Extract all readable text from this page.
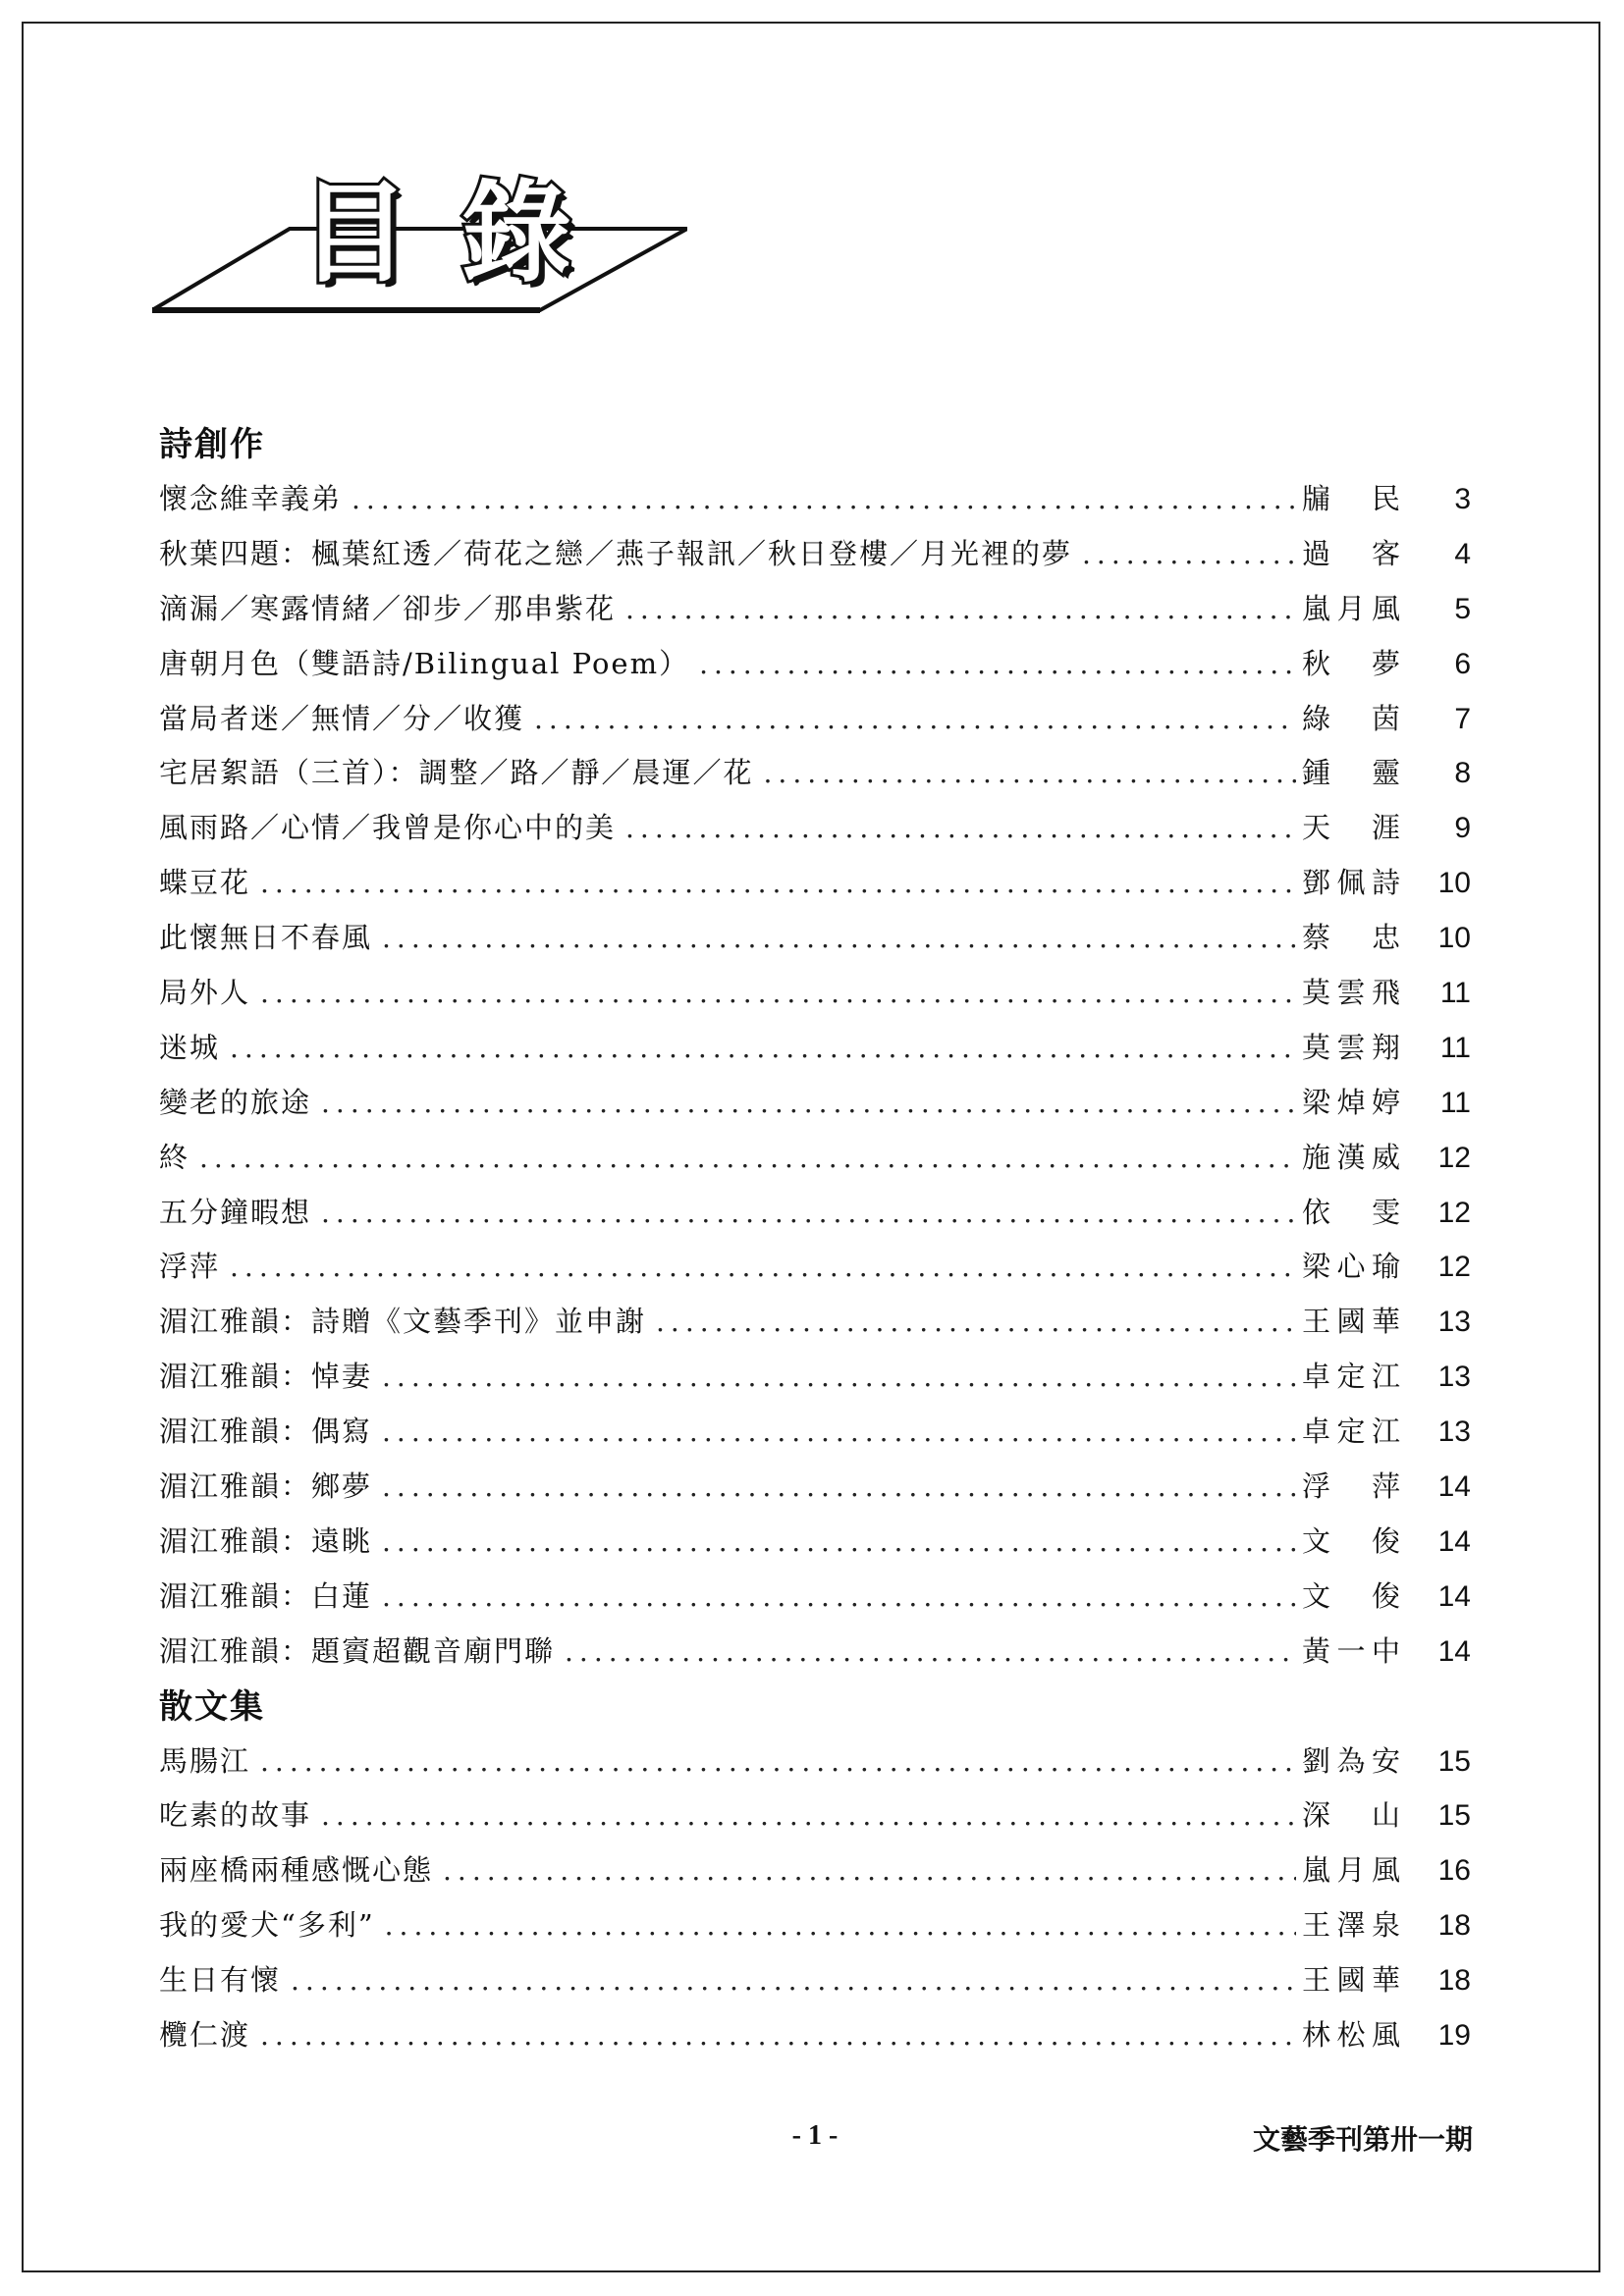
目 錄
詩創作
懷念維幸義弟 .....	牖民	3
秋葉四題：楓葉紅透／荷花之戀／燕子報訊／秋日登樓／月光裡的夢 .....	過客	4
滴漏／寒露情緒／卻步／那串紫花 .....	嵐月風	5
唐朝月色（雙語詩/Bilingual Poem） .....	秋夢	6
當局者迷／無情／分／收獲 .....	綠茵	7
宅居絮語（三首）：調整／路／靜／晨運／花 .....	鍾靈	8
風雨路／心情／我曾是你心中的美 .....	天涯	9
蝶豆花 .....	鄧佩詩	10
此懷無日不春風 .....	蔡忠	10
局外人 .....	莫雲飛	11
迷城 .....	莫雲翔	11
變老的旅途 .....	梁焯婷	11
終 .....	施漢威	12
五分鐘暇想 .....	依雯	12
浮萍 .....	梁心瑜	12
湄江雅韻：詩贈《文藝季刊》並申謝 .....	王國華	13
湄江雅韻：悼妻 .....	卓定江	13
湄江雅韻：偶寫 .....	卓定江	13
湄江雅韻：鄉夢 .....	浮萍	14
湄江雅韻：遠眺 .....	文俊	14
湄江雅韻：白蓮 .....	文俊	14
湄江雅韻：題賨超觀音廟門聯 .....	黃一中	14
散文集
馬腸江 .....	劉為安	15
吃素的故事 .....	深山	15
兩座橋兩種感慨心態 .....	嵐月風	16
我的愛犬“多利” .....	王澤泉	18
生日有懷 .....	王國華	18
欖仁渡 .....	林松風	19
- 1 -	文藝季刊第卅一期
